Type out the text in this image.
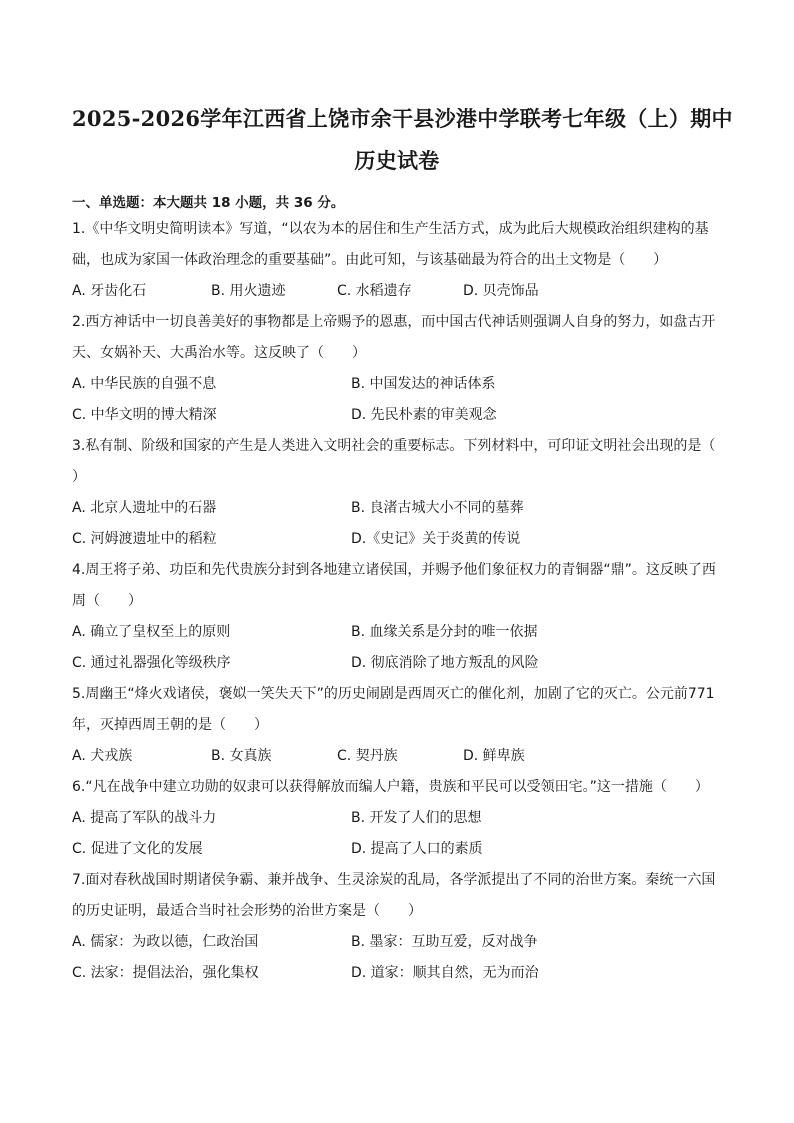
2025-2026学年江西省上饶市余干县沙港中学联考七年级（上）期中
历史试卷
一、单选题：本大题共 18 小题，共 36 分。

1.《中华文明史简明读本》写道，“以农为本的居住和生产生活方式，成为此后大规模政治组织建构的基础，也成为家国一体政治理念的重要基础”。由此可知，与该基础最为符合的出土文物是（　　）

A. 牙齿化石	B. 用火遗迹	C. 水稻遗存	D. 贝壳饰品

2.西方神话中一切良善美好的事物都是上帝赐予的恩惠，而中国古代神话则强调人自身的努力，如盘古开天、女娲补天、大禹治水等。这反映了（　　）

A. 中华民族的自强不息	B. 中国发达的神话体系
C. 中华文明的博大精深	D. 先民朴素的审美观念

3.私有制、阶级和国家的产生是人类进入文明社会的重要标志。下列材料中，可印证文明社会出现的是（　　）

A. 北京人遗址中的石器	B. 良渚古城大小不同的墓葬
C. 河姆渡遗址中的稻粒	D.《史记》关于炎黄的传说

4.周王将子弟、功臣和先代贵族分封到各地建立诸侯国，并赐予他们象征权力的青铜器“鼎”。这反映了西周（　　）

A. 确立了皇权至上的原则	B. 血缘关系是分封的唯一依据
C. 通过礼器强化等级秩序	D. 彻底消除了地方叛乱的风险

5.周幽王“烽火戏诸侯，褒姒一笑失天下”的历史闹剧是西周灭亡的催化剂，加剧了它的灭亡。公元前771年，灭掉西周王朝的是（　　）

A. 犬戎族	B. 女真族	C. 契丹族	D. 鲜卑族

6.“凡在战争中建立功勋的奴隶可以获得解放而编人户籍，贵族和平民可以受领田宅。”这一措施（　　）

A. 提高了军队的战斗力	B. 开发了人们的思想
C. 促进了文化的发展	D. 提高了人口的素质

7.面对春秋战国时期诸侯争霸、兼并战争、生灵涂炭的乱局，各学派提出了不同的治世方案。秦统一六国的历史证明，最适合当时社会形势的治世方案是（　　）

A. 儒家：为政以德，仁政治国	B. 墨家：互助互爱，反对战争
C. 法家：提倡法治，强化集权	D. 道家：顺其自然，无为而治
